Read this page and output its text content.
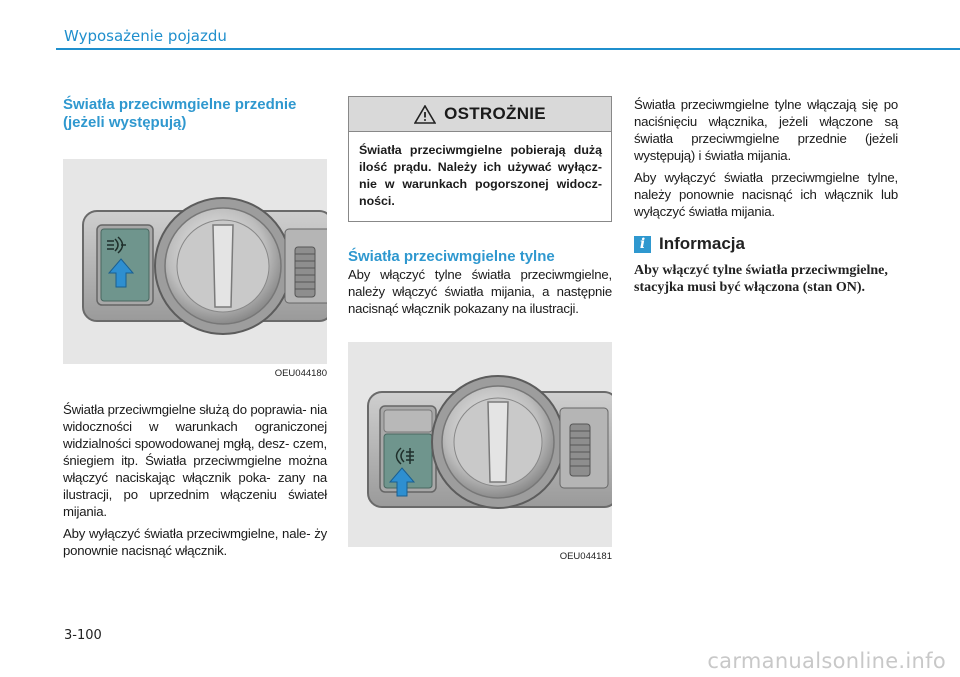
Wyposażenie pojazdu

Światła przeciwmgielne przednie (jeżeli występują)

OEU044180

Światła przeciwmgielne służą do poprawia- nia widoczności w warunkach ograniczonej widzialności spowodowanej mgłą, desz- czem, śniegiem itp. Światła przeciwmgielne można włączyć naciskając włącznik poka- zany na ilustracji, po uprzednim włączeniu świateł mijania.

Aby wyłączyć światła przeciwmgielne, nale- ży ponownie nacisnąć włącznik.

OSTROŻNIE
Światła przeciwmgielne pobierają dużą ilość prądu. Należy ich używać wyłącz- nie w warunkach pogorszonej widocz- ności.

Światła przeciwmgielne tylne

Aby włączyć tylne światła przeciwmgielne, należy włączyć światła mijania, a następnie nacisnąć włącznik pokazany na ilustracji.

OEU044181

Światła przeciwmgielne tylne włączają się po naciśnięciu włącznika, jeżeli włączone są światła przeciwmgielne przednie (jeżeli występują) i światła mijania.

Aby wyłączyć światła przeciwmgielne tylne, należy ponownie nacisnąć ich włącznik lub wyłączyć światła mijania.

i Informacja
Aby włączyć tylne światła przeciwmgielne, stacyjka musi być włączona (stan ON).
3-100
carmanualsonline.info
